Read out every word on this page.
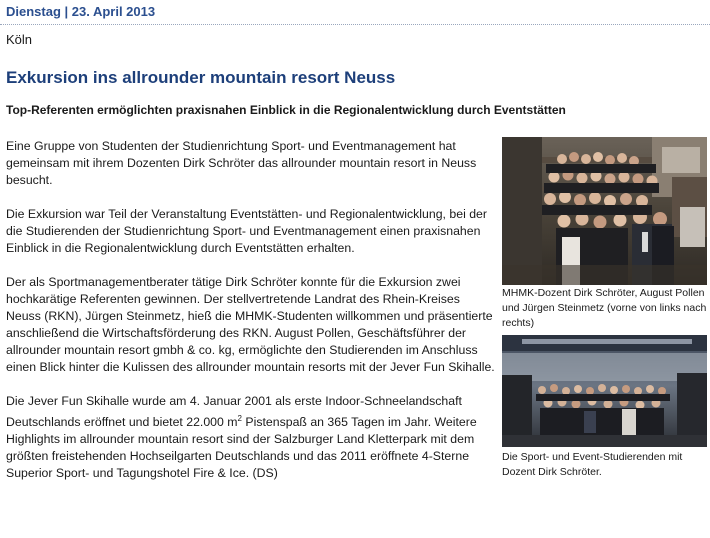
Dienstag | 23. April 2013
Köln
Exkursion ins allrounder mountain resort Neuss
Top-Referenten ermöglichten praxisnahen Einblick in die Regionalentwicklung durch Eventstätten

Eine Gruppe von Studenten der Studienrichtung Sport- und Eventmanagement hat gemeinsam mit ihrem Dozenten Dirk Schröter das allrounder mountain resort in Neuss besucht.

Die Exkursion war Teil der Veranstaltung Eventstätten- und Regionalentwicklung, bei der die Studierenden der Studienrichtung Sport- und Eventmanagement einen praxisnahen Einblick in die Regionalentwicklung durch Eventstätten erhalten.

Der als Sportmanagementberater tätige Dirk Schröter konnte für die Exkursion zwei hochkarätige Referenten gewinnen. Der stellvertretende Landrat des Rhein-Kreises Neuss (RKN), Jürgen Steinmetz, hieß die MHMK-Studenten willkommen und präsentierte anschließend die Wirtschaftsförderung des RKN. August Pollen, Geschäftsführer der allrounder mountain resort gmbh & co. kg, ermöglichte den Studierenden im Anschluss einen Blick hinter die Kulissen des allrounder mountain resorts mit der Jever Fun Skihalle.

Die Jever Fun Skihalle wurde am 4. Januar 2001 als erste Indoor-Schneelandschaft Deutschlands eröffnet und bietet 22.000 $m^2$ Pistenspaß an 365 Tagen im Jahr. Weitere Highlights im allrounder mountain resort sind der Salzburger Land Kletterpark mit dem größten freistehenden Hochseilgarten Deutschlands und das 2011 eröffnete 4-Sterne Superior Sport- und Tagungshotel Fire & Ice. (DS)

MHMK-Dozent Dirk Schröter, August Pollen und Jürgen Steinmetz (vorne von links nach rechts)
Die Sport- und Event-Studierenden mit Dozent Dirk Schröter.
